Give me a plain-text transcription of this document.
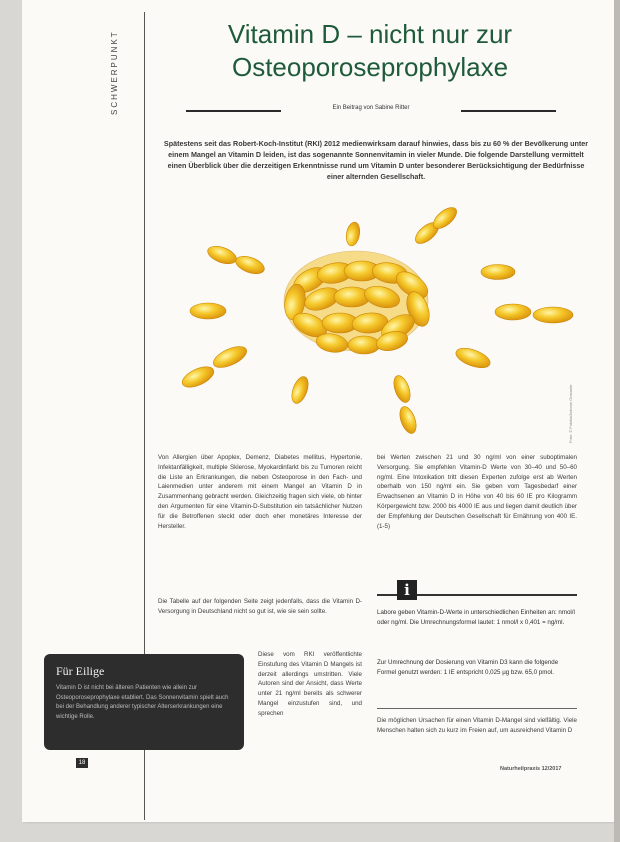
SCHWERPUNKT	Vitamin D – nicht nur zur
Osteoporoseprophylaxe
Ein Beitrag von Sabine Ritter

Spätestens seit das Robert-Koch-Institut (RKI) 2012 medienwirksam darauf hinwies, dass bis zu 60 % der Bevölkerung unter einem Mangel an Vitamin D leiden, ist das sogenannte Sonnenvitamin in vieler Munde. Die folgende Darstellung vermittelt einen Überblick über die derzeitigen Erkenntnisse rund um Vitamin D unter besonderer Berücksichtigung der Bedürfnisse einer alternden Gesellschaft.

Foto: © Fotolia/Antonio Gravante

Von Allergien über Apoplex, Demenz, Diabetes mellitus, Hypertonie, Infektanfälligkeit, multiple Sklerose, Myokardinfarkt bis zu Tumoren reicht die Liste an Erkrankungen, die neben Osteoporose in den Fach- und Laienmedien unter anderem mit einem Mangel an Vitamin D in Zusammenhang gebracht werden. Gleichzeitig fragen sich viele, ob hinter den Argumenten für eine Vitamin-D-Substitution ein tatsächlicher Nutzen für die Betroffenen steckt oder doch eher monetäres Interesse der Hersteller.

Die Tabelle auf der folgenden Seite zeigt jedenfalls, dass die Vitamin D-Versorgung in Deutschland nicht so gut ist, wie sie sein sollte.

Diese vom RKI veröffentlichte Einstufung des Vitamin D Mangels ist derzeit allerdings umstritten. Viele Autoren sind der Ansicht, dass Werte unter 21 ng/ml bereits als schwerer Mangel einzustufen sind, und sprechen

bei Werten zwischen 21 und 30 ng/ml von einer suboptimalen Versorgung. Sie empfehlen Vitamin-D Werte von 30–40 und 50–60 ng/ml. Eine Intoxikation tritt diesen Experten zufolge erst ab Werten oberhalb von 150 ng/ml ein. Sie geben vom Tagesbedarf einer Erwachsenen an Vitamin D in Höhe von 40 bis 60 IE pro Kilogramm Körpergewicht bzw. 2000 bis 4000 IE aus und liegen damit deutlich über der Empfehlung der Deutschen Gesellschaft für Ernährung von 400 IE. (1-5)

i

Labore geben Vitamin-D-Werte in unterschiedlichen Einheiten an: nmol/l oder ng/ml. Die Umrechnungsformel lautet: 1 nmol/l x 0,401 = ng/ml.

Zur Umrechnung der Dosierung von Vitamin D3 kann die folgende Formel genutzt werden: 1 IE entspricht 0,025 µg bzw. 65,0 pmol.

Die möglichen Ursachen für einen Vitamin D-Mangel sind vielfältig. Viele Menschen halten sich zu kurz im Freien auf, um ausreichend Vitamin D

Für Eilige

Vitamin D ist nicht bei älteren Patienten wie allein zur Osteoporoseprophylaxe etabliert. Das Sonnenvitamin spielt auch bei der Behandlung anderer typischer Alterserkrankungen eine wichtige Rolle.

18
Naturheilpraxis 12/2017
